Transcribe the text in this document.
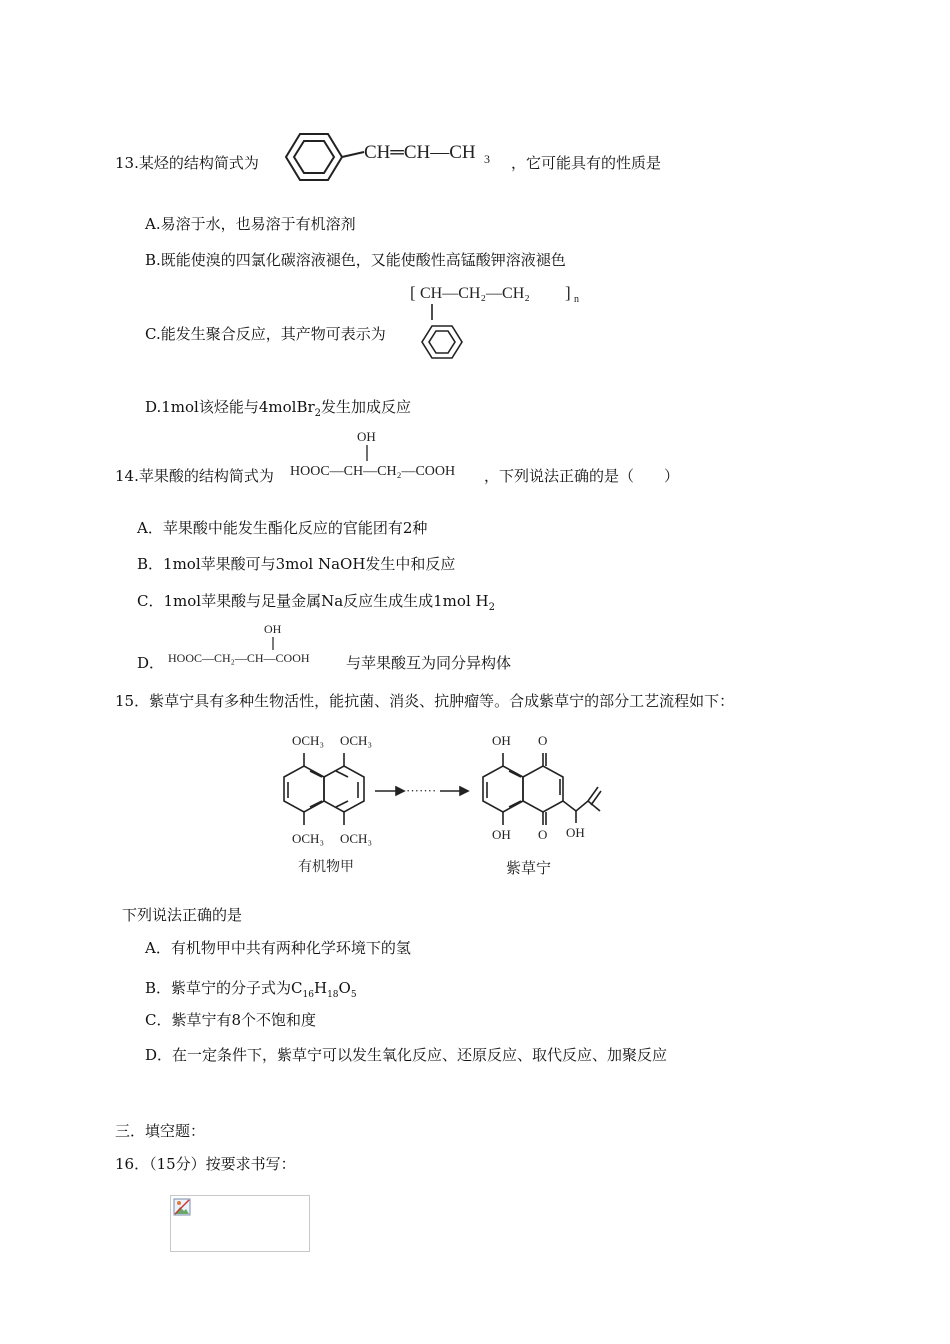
13.某烃的结构简式为	CH═CH—CH 3 ，它可能具有的性质是
A.易溶于水，也易溶于有机溶剂
B.既能使溴的四氯化碳溶液褪色，又能使酸性高锰酸钾溶液褪色
[ CH—CH₂—CH₂ ] n
C.能发生聚合反应，其产物可表示为
D.1mol该烃能与4molBr$_2$发生加成反应
14.苹果酸的结构简式为
OH
HOOC—CH—CH₂—COOH ，下列说法正确的是（　　）
A．苹果酸中能发生酯化反应的官能团有2种
B．1mol苹果酸可与3mol NaOH发生中和反应
C．1mol苹果酸与足量金属Na反应生成生成1mol $H_2$
D．
OH
HOOC—CH₂—CH—COOH 与苹果酸互为同分异构体
15．紫草宁具有多种生物活性，能抗菌、消炎、抗肿瘤等。合成紫草宁的部分工艺流程如下：
OCH₃ OCH₃
OCH₃ OCH₃
·······
OH O
OH O OH
有机物甲	紫草宁
下列说法正确的是
A．有机物甲中共有两种化学环境下的氢
B．紫草宁的分子式为$C_{16}H_{18}O_5$
C．紫草宁有8个不饱和度
D．在一定条件下，紫草宁可以发生氧化反应、还原反应、取代反应、加聚反应
三．填空题：
16．（15分）按要求书写：
